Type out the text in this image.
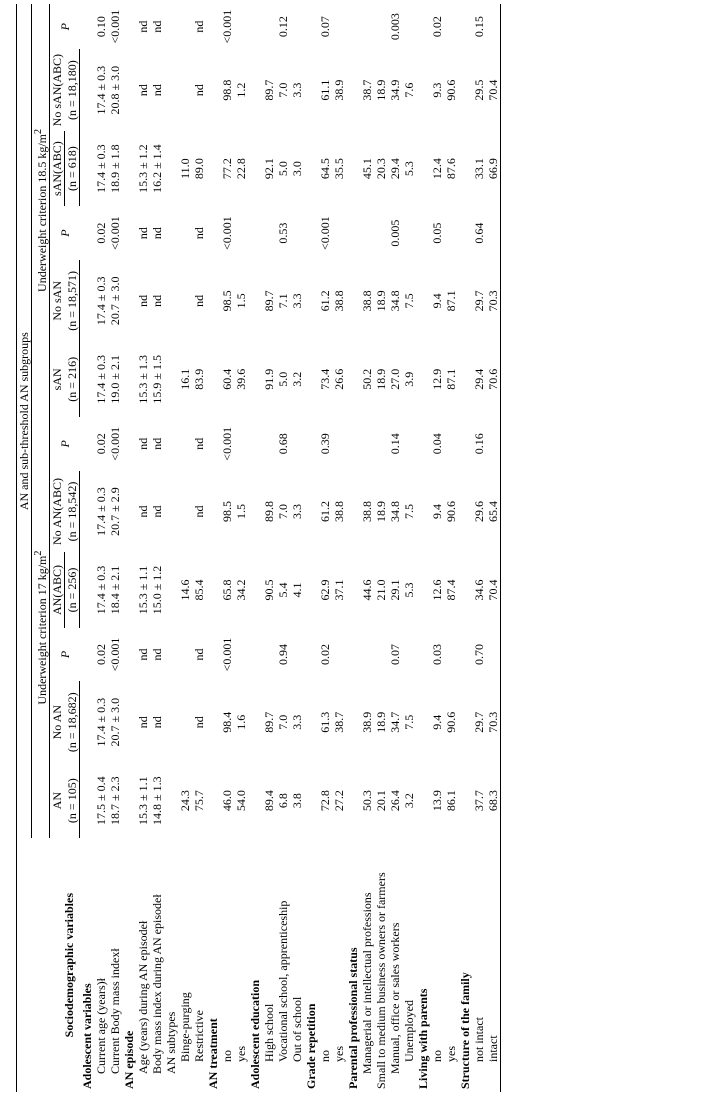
Sociodemographic variables	AN and sub-threshold AN subgroups											
	Underweight criterion 17 $kg/m^2$						Underweight criterion 18.5 $kg/m^2$
	AN	No AN	P	AN(ABC)	No AN(ABC)	P	sAN	No sAN	P	sAN(ABC)	No sAN(ABC)	P
	(n = 105)	(n = 18,682)		(n = 256)	(n = 18,542)		(n = 216)	(n = 18,571)		(n = 618)	(n = 18,180)	
Adolescent variables												
Current age (years)ł	17.5 ± 0.4	17.4 ± 0.3	0.02	17.4 ± 0.3	17.4 ± 0.3	0.02	17.4 ± 0.3	17.4 ± 0.3	0.02	17.4 ± 0.3	17.4 ± 0.3	0.10
Current Body mass indexł	18.7 ± 2.3	20.7 ± 3.0	<0.001	18.4 ± 2.1	20.7 ± 2.9	<0.001	19.0 ± 2.1	20.7 ± 3.0	<0.001	18.9 ± 1.8	20.8 ± 3.0	<0.001
AN episode												
Age (years) during AN episodeł	15.3 ± 1.1	nd	nd	15.3 ± 1.1	nd	nd	15.3 ± 1.3	nd	nd	15.3 ± 1.2	nd	nd
Body mass index during AN episodeł	14.8 ± 1.3	nd	nd	15.0 ± 1.2	nd	nd	15.9 ± 1.5	nd	nd	16.2 ± 1.4	nd	nd
AN subtypes												
Binge-purging	24.3			14.6			16.1			11.0		
Restrictive	75.7	nd	nd	85.4	nd	nd	83.9	nd	nd	89.0	nd	nd
AN treatment												
no	46.0	98.4	<0.001	65.8	98.5	<0.001	60.4	98.5	<0.001	77.2	98.8	<0.001
yes	54.0	1.6		34.2	1.5		39.6	1.5		22.8	1.2	
Adolescent education												
High school	89.4	89.7		90.5	89.8		91.9	89.7		92.1	89.7	
Vocational school, apprenticeship	6.8	7.0	0.94	5.4	7.0	0.68	5.0	7.1	0.53	5.0	7.0	0.12
Out of school	3.8	3.3		4.1	3.3		3.2	3.3		3.0	3.3	
Grade repetition												
no	72.8	61.3	0.02	62.9	61.2	0.39	73.4	61.2	<0.001	64.5	61.1	0.07
yes	27.2	38.7		37.1	38.8		26.6	38.8		35.5	38.9	
Parental professional status												
Managerial or intellectual professions	50.3	38.9		44.6	38.8		50.2	38.8		45.1	38.7	
Small to medium business owners or farmers	20.1	18.9		21.0	18.9		18.9	18.9		20.3	18.9	
Manual, office or sales workers	26.4	34.7	0.07	29.1	34.8	0.14	27.0	34.8	0.005	29.4	34.9	0.003
Unemployed	3.2	7.5		5.3	7.5		3.9	7.5		5.3	7.6	
Living with parents												
no	13.9	9.4	0.03	12.6	9.4	0.04	12.9	9.4	0.05	12.4	9.3	0.02
yes	86.1	90.6		87.4	90.6		87.1	87.1		87.6	90.6	
Structure of the family												
not intact	37.7	29.7	0.70	34.6	29.6	0.16	29.4	29.7	0.64	33.1	29.5	0.15
intact	68.3	70.3		70.4	65.4		70.6	70.3		66.9	70.4	
